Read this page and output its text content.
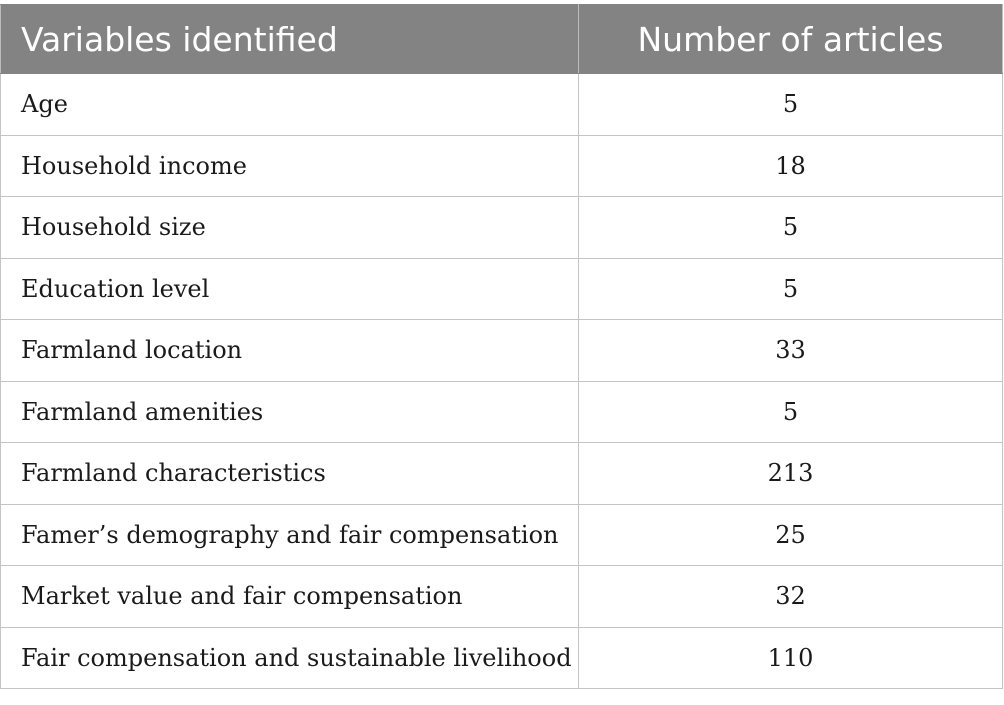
Variables identified	Number of articles
Age	5
Household income	18
Household size	5
Education level	5
Farmland location	33
Farmland amenities	5
Farmland characteristics	213
Famer’s demography and fair compensation	25
Market value and fair compensation	32
Fair compensation and sustainable livelihood	110
